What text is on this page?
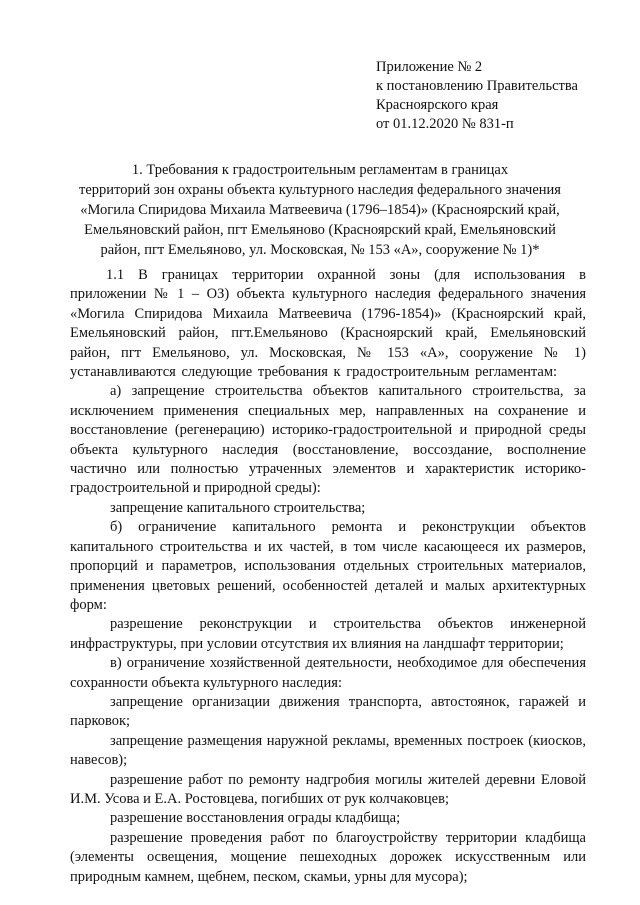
Приложение № 2
к постановлению Правительства
Красноярского края
от 01.12.2020 № 831-п
1. Требования к градостроительным регламентам в границах
территорий зон охраны объекта культурного наследия федерального значения
«Могила Спиридова Михаила Матвеевича (1796–1854)» (Красноярский край,
Емельяновский район, пгт Емельяново (Красноярский край, Емельяновский
район, пгт Емельяново, ул. Московская, № 153 «А», сооружение № 1)*

1.1 В границах территории охранной зоны (для использования в приложении № 1 – ОЗ) объекта культурного наследия федерального значения «Могила Спиридова Михаила Матвеевича (1796-1854)» (Красноярский край, Емельяновский район, пгт.Емельяново (Красноярский край, Емельяновский район, пгт Емельяново, ул. Московская, № 153 «А», сооружение № 1) устанавливаются следующие требования к градостроительным регламентам:

а) запрещение строительства объектов капитального строительства, за исключением применения специальных мер, направленных на сохранение и восстановление (регенерацию) историко-градостроительной и природной среды объекта культурного наследия (восстановление, воссоздание, восполнение частично или полностью утраченных элементов и характеристик историко-градостроительной и природной среды):

запрещение капитального строительства;

б) ограничение капитального ремонта и реконструкции объектов капитального строительства и их частей, в том числе касающееся их размеров, пропорций и параметров, использования отдельных строительных материалов, применения цветовых решений, особенностей деталей и малых архитектурных форм:

разрешение реконструкции и строительства объектов инженерной инфраструктуры, при условии отсутствия их влияния на ландшафт территории;

в) ограничение хозяйственной деятельности, необходимое для обеспечения сохранности объекта культурного наследия:

запрещение организации движения транспорта, автостоянок, гаражей и парковок;

запрещение размещения наружной рекламы, временных построек (киосков, навесов);

разрешение работ по ремонту надгробия могилы жителей деревни Еловой И.М. Усова и Е.А. Ростовцева, погибших от рук колчаковцев;

разрешение восстановления ограды кладбища;

разрешение проведения работ по благоустройству территории кладбища (элементы освещения, мощение пешеходных дорожек искусственным или природным камнем, щебнем, песком, скамьи, урны для мусора);
